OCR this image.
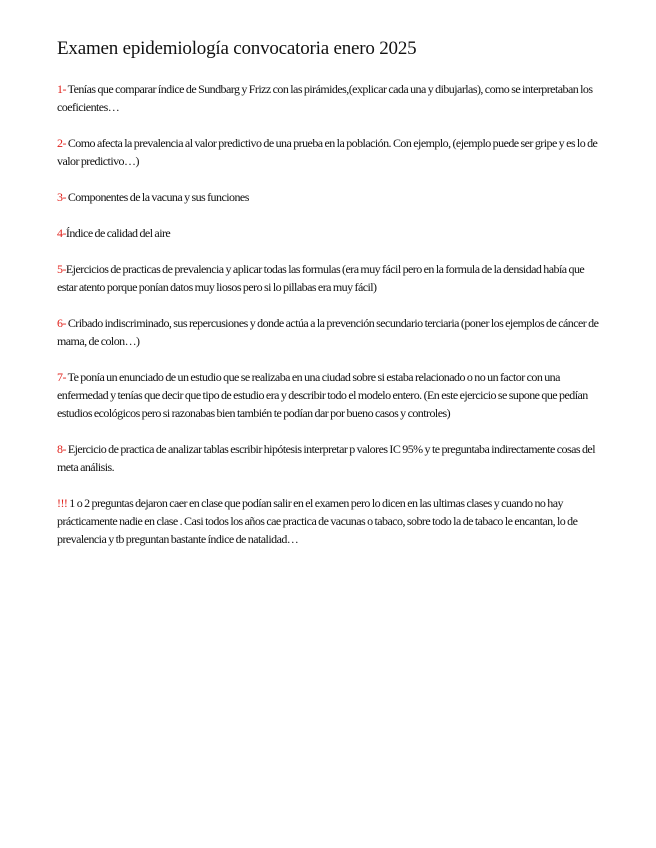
Examen epidemiología convocatoria enero 2025

1- Tenías que comparar índice de Sundbarg y Frizz con las pirámides,(explicar cada una y dibujarlas), como se interpretaban los coeficientes…

2- Como afecta la prevalencia al valor predictivo de una prueba en la población. Con ejemplo, (ejemplo puede ser gripe y es lo de valor predictivo…)

3- Componentes de la vacuna y sus funciones

4-Índice de calidad del aire

5-Ejercicios de practicas de prevalencia y aplicar todas las formulas (era muy fácil pero en la formula de la densidad había que estar atento porque ponían datos muy liosos pero si lo pillabas era muy fácil)

6- Cribado indiscriminado, sus repercusiones y donde actúa a la prevención secundario terciaria (poner los ejemplos de cáncer de mama, de colon…)

7- Te ponía un enunciado de un estudio que se realizaba en una ciudad sobre si estaba relacionado o no un factor con una enfermedad y tenías que decir que tipo de estudio era y describir todo el modelo entero. (En este ejercicio se supone que pedían estudios ecológicos pero si razonabas bien también te podían dar por bueno casos y controles)

8- Ejercicio de practica de analizar tablas escribir hipótesis interpretar p valores IC 95% y te preguntaba indirectamente cosas del meta análisis.

!!! 1 o 2 preguntas dejaron caer en clase que podían salir en el examen pero lo dicen en las ultimas clases y cuando no hay prácticamente nadie en clase . Casi todos los años cae practica de vacunas o tabaco, sobre todo la de tabaco le encantan, lo de prevalencia y tb preguntan bastante índice de natalidad…
